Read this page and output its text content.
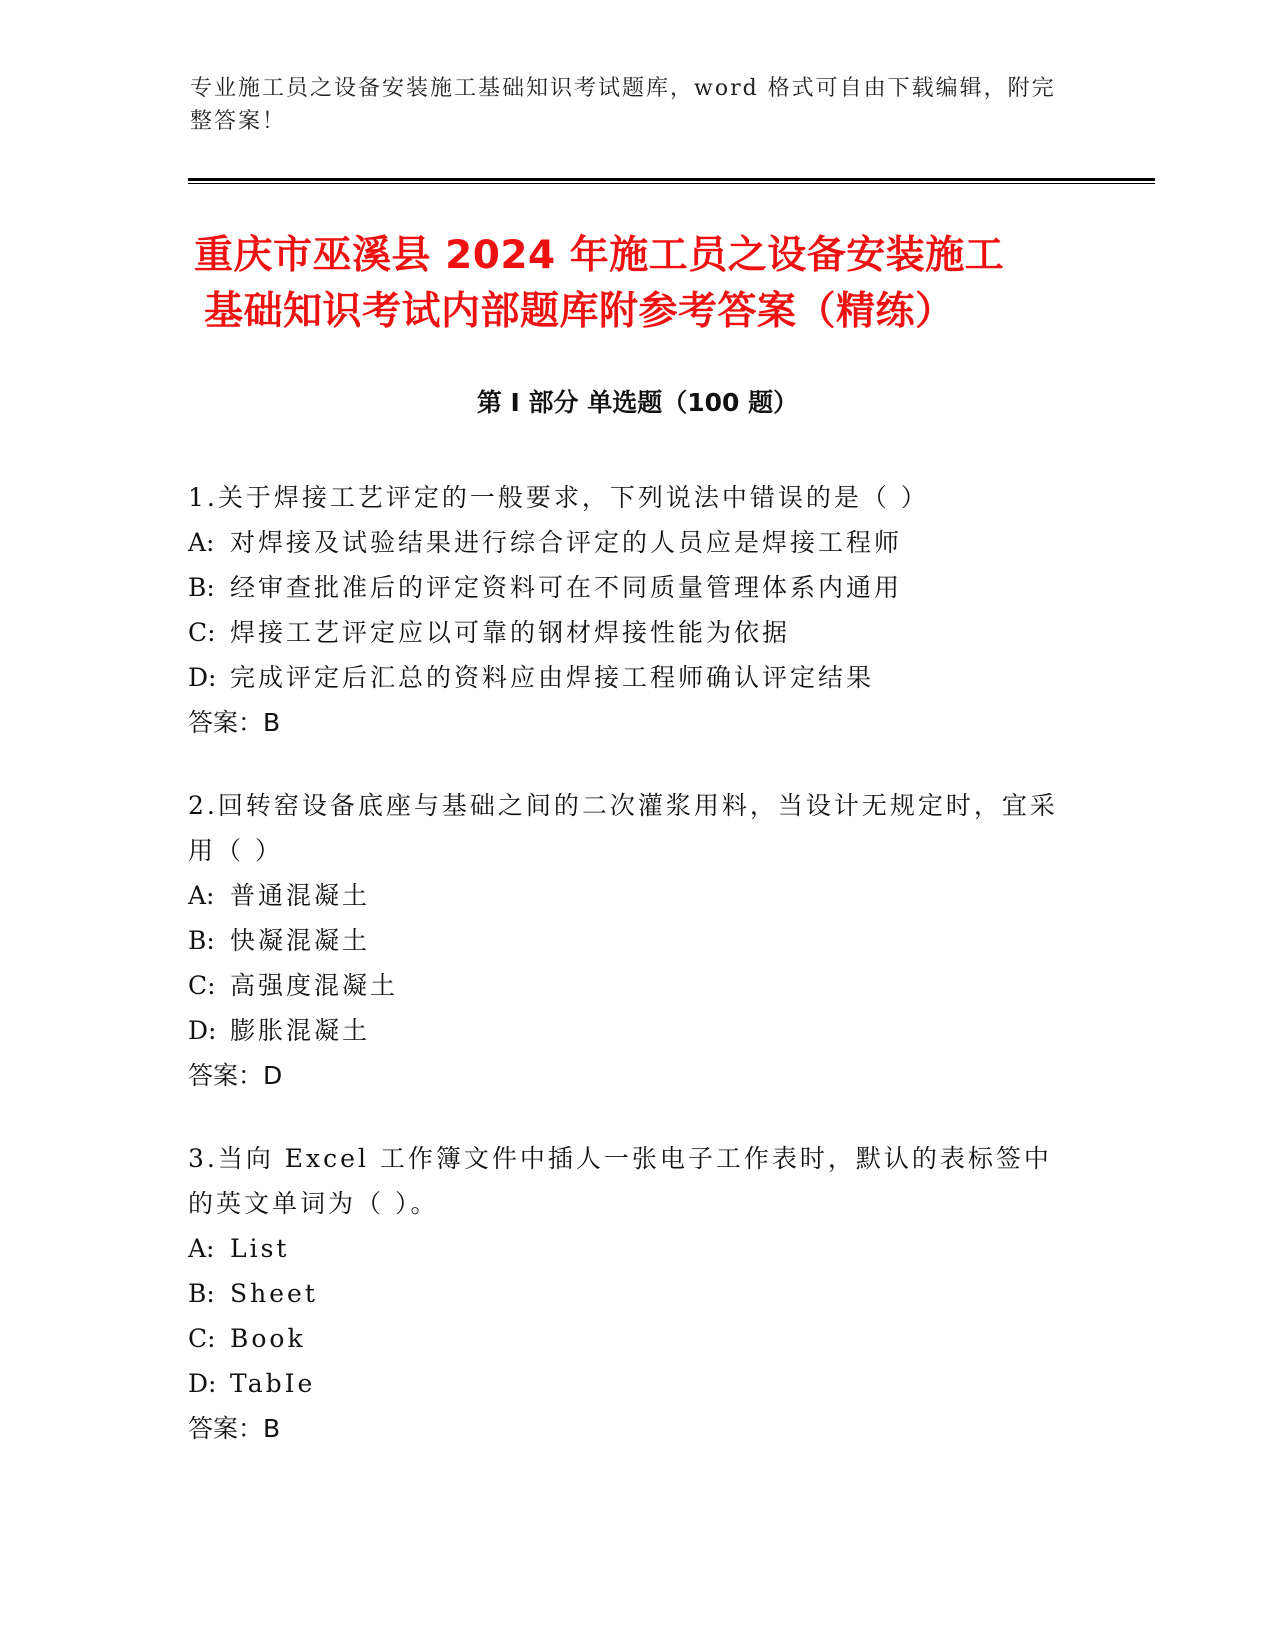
专业施工员之设备安装施工基础知识考试题库，word 格式可自由下载编辑，附完整答案！
重庆市巫溪县 2024 年施工员之设备安装施工
基础知识考试内部题库附参考答案（精练）
第 I 部分 单选题（100 题）
1.关于焊接工艺评定的一般要求，下列说法中错误的是（ ）
A: 对焊接及试验结果进行综合评定的人员应是焊接工程师
B: 经审查批准后的评定资料可在不同质量管理体系内通用
C: 焊接工艺评定应以可靠的钢材焊接性能为依据
D: 完成评定后汇总的资料应由焊接工程师确认评定结果
答案：B
2.回转窑设备底座与基础之间的二次灌浆用料，当设计无规定时，宜采用（ ）
A: 普通混凝土
B: 快凝混凝土
C: 高强度混凝土
D: 膨胀混凝土
答案：D
3.当向 Excel 工作簿文件中插人一张电子工作表时，默认的表标签中的英文单词为（ ）。
A: List
B: Sheet
C: Book
D: TabIe
答案：B
